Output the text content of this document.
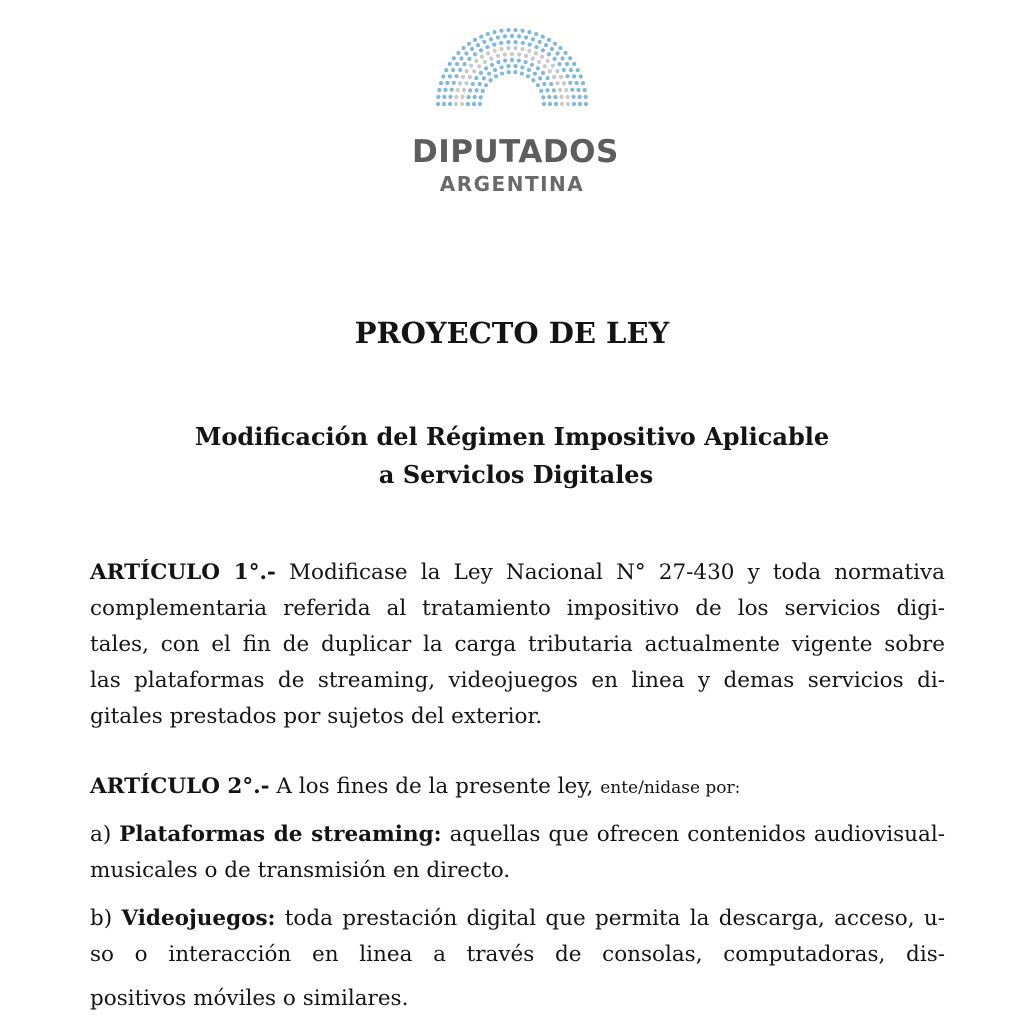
DIPUTADOS
ARGENTINA
PROYECTO DE LEY
Modificación del Régimen Impositivo Aplicable
a Serviclos Digitales
ARTÍCULO 1°.- Modificase la Ley Nacional N° 27-430 y toda normativa
complementaria referida al tratamiento impositivo de los servicios digi-
tales, con el fin de duplicar la carga tributaria actualmente vigente sobre
las plataformas de streaming, videojuegos en linea y demas servicios di-
gitales prestados por sujetos del exterior.
ARTÍCULO 2°.- A los fines de la presente ley, ente/nidase por:
a) Plataformas de streaming: aquellas que ofrecen contenidos audiovisual-
musicales o de transmisión en directo.
b) Videojuegos: toda prestación digital que permita la descarga, acceso, u-
so o interacción en linea a través de consolas, computadoras, dis-
positivos móviles o similares.
